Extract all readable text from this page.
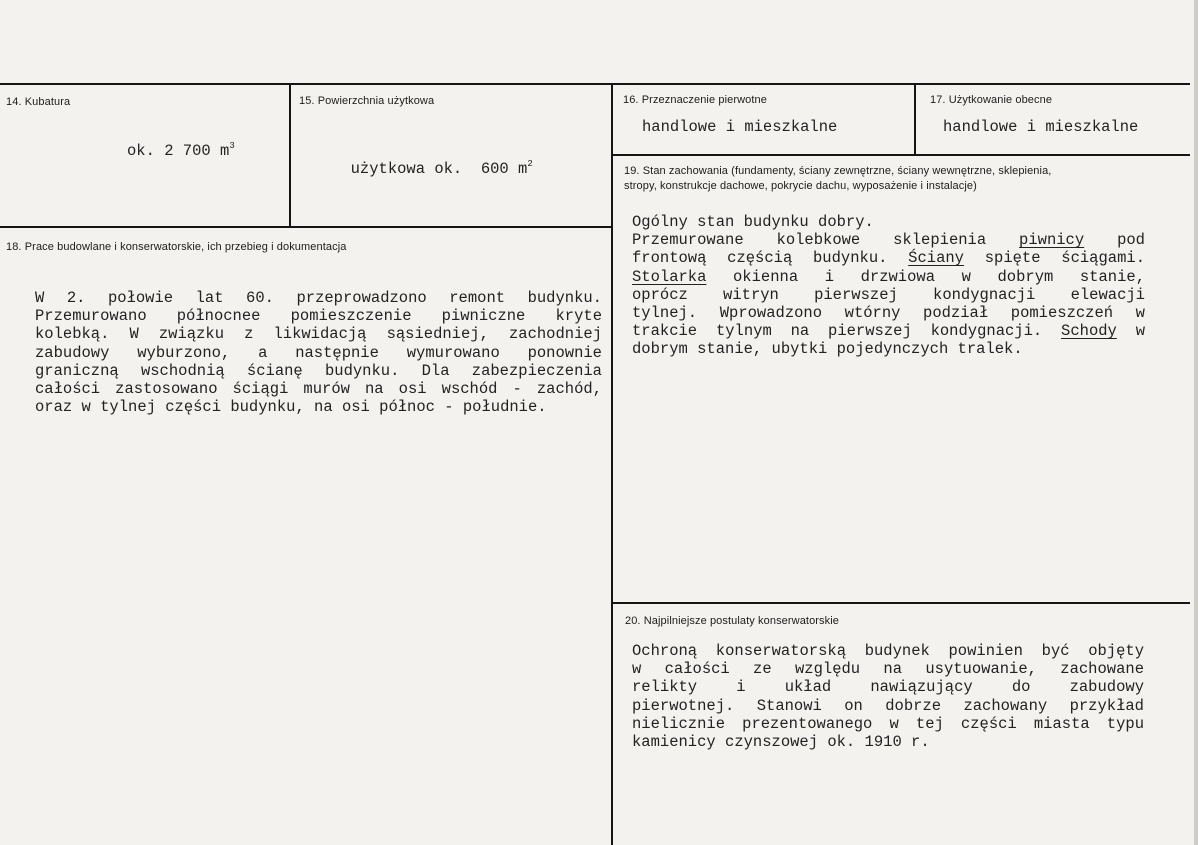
14. Kubatura
ok. 2 700 $m^3$
15. Powierzchnia użytkowa

użytkowa ok.  600 $m^2$

16. Przeznaczenie pierwotne
handlowe i mieszkalne
17. Użytkowanie obecne
handlowe i mieszkalne
18. Prace budowlane i konserwatorskie, ich przebieg i dokumentacja
W 2. połowie lat 60. przeprowadzono remont budynku.
Przemurowano północnee pomieszczenie piwniczne kryte
kolebką. W związku z likwidacją sąsiedniej, zachodniej
zabudowy wyburzono, a następnie wymurowano ponownie
graniczną wschodnią ścianę budynku. Dla zabezpieczenia
całości zastosowano ściągi murów na osi wschód - zachód,
oraz w tylnej części budynku, na osi północ - południe.
19. Stan zachowania (fundamenty, ściany zewnętrzne, ściany wewnętrzne, sklepienia,
stropy, konstrukcje dachowe, pokrycie dachu, wyposażenie i instalacje)
Ogólny stan budynku dobry.
Przemurowane kolebkowe sklepienia piwnicy pod
frontową częścią budynku. Ściany spięte ściągami.
Stolarka okienna i drzwiowa w dobrym stanie,
oprócz witryn pierwszej kondygnacji elewacji
tylnej. Wprowadzono wtórny podział pomieszczeń w
trakcie tylnym na pierwszej kondygnacji. Schody w
dobrym stanie, ubytki pojedynczych tralek.
20. Najpilniejsze postulaty konserwatorskie
Ochroną konserwatorską budynek powinien być objęty
w całości ze względu na usytuowanie, zachowane
relikty i układ nawiązujący do zabudowy
pierwotnej. Stanowi on dobrze zachowany przykład
nielicznie prezentowanego w tej części miasta typu
kamienicy czynszowej ok. 1910 r.
